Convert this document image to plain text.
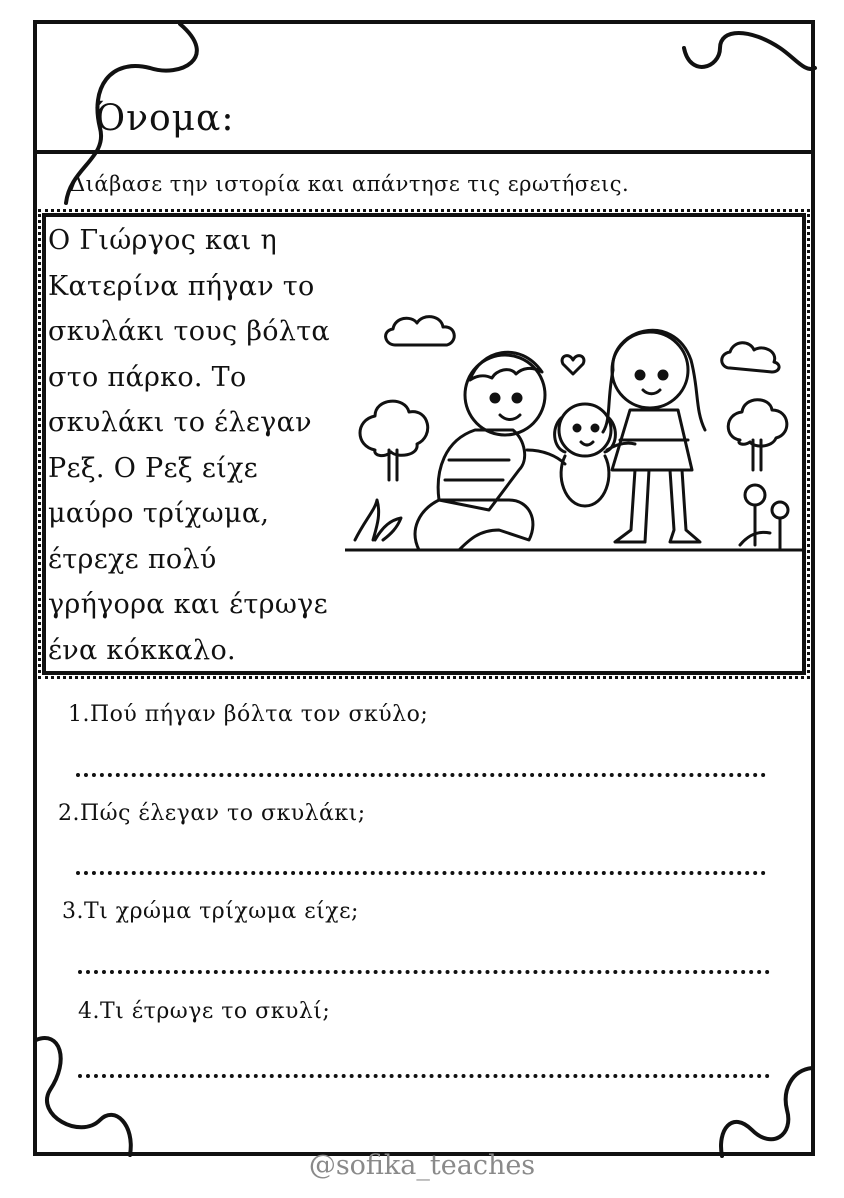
Όνομα:
Διάβασε την ιστορία και απάντησε τις ερωτήσεις.
Ο Γιώργος και η
Κατερίνα πήγαν το
σκυλάκι τους βόλτα
στο πάρκο. Το
σκυλάκι το έλεγαν
Ρεξ. Ο Ρεξ είχε
μαύρο τρίχωμα,
έτρεχε πολύ
γρήγορα και έτρωγε
ένα κόκκαλο.
1.Πού πήγαν βόλτα τον σκύλο;
2.Πώς έλεγαν το σκυλάκι;
3.Τι χρώμα τρίχωμα είχε;
4.Τι έτρωγε το σκυλί;
@sofika_teaches
